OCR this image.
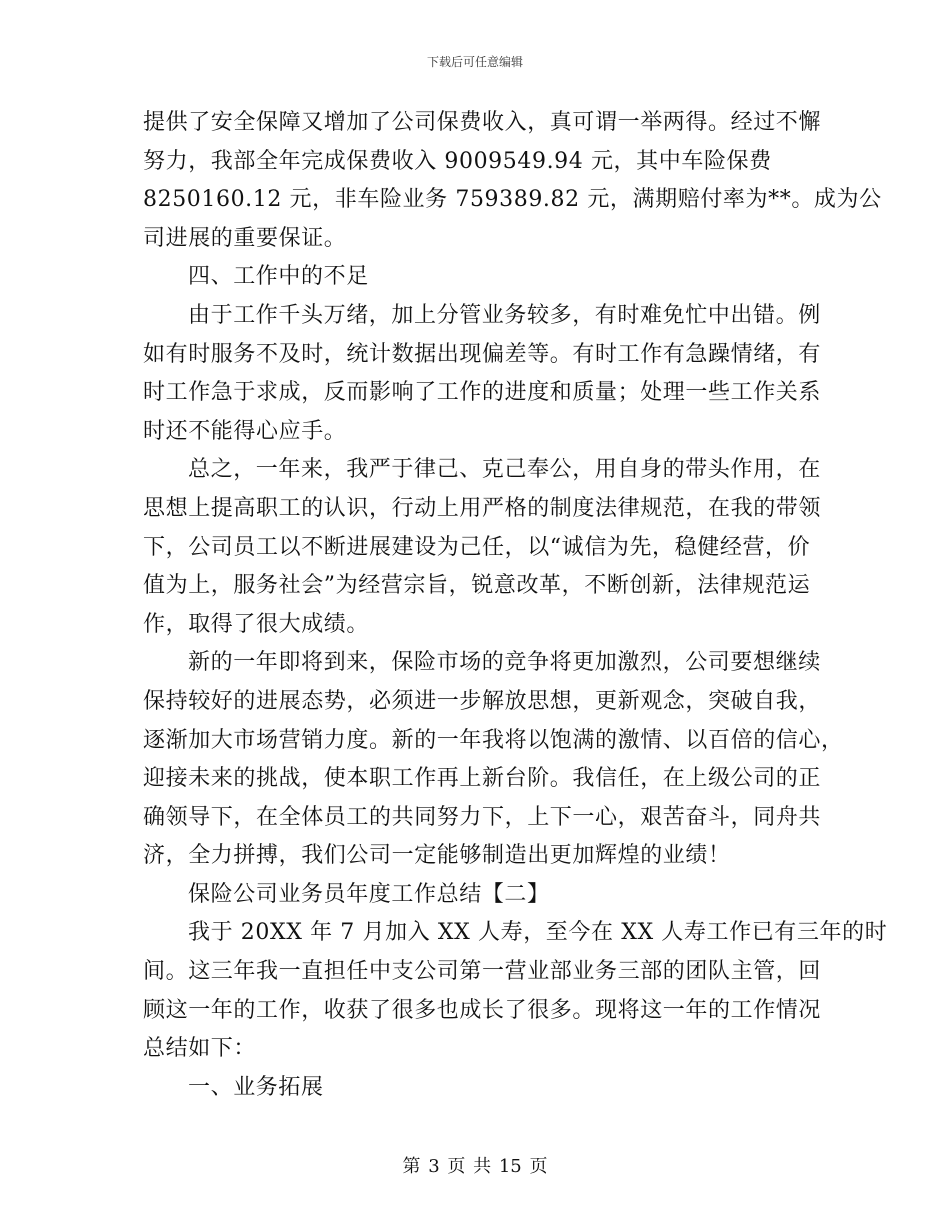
下载后可任意编辑
提供了安全保障又增加了公司保费收入，真可谓一举两得。经过不懈
努力，我部全年完成保费收入 9009549.94 元，其中车险保费
8250160.12 元，非车险业务 759389.82 元，满期赔付率为**。成为公
司进展的重要保证。
四、工作中的不足
由于工作千头万绪，加上分管业务较多，有时难免忙中出错。例
如有时服务不及时，统计数据出现偏差等。有时工作有急躁情绪，有
时工作急于求成，反而影响了工作的进度和质量；处理一些工作关系
时还不能得心应手。
总之，一年来，我严于律己、克己奉公，用自身的带头作用，在
思想上提高职工的认识，行动上用严格的制度法律规范，在我的带领
下，公司员工以不断进展建设为己任，以“诚信为先，稳健经营，价
值为上，服务社会”为经营宗旨，锐意改革，不断创新，法律规范运
作，取得了很大成绩。
新的一年即将到来，保险市场的竞争将更加激烈，公司要想继续
保持较好的进展态势，必须进一步解放思想，更新观念，突破自我，
逐渐加大市场营销力度。新的一年我将以饱满的激情、以百倍的信心，
迎接未来的挑战，使本职工作再上新台阶。我信任，在上级公司的正
确领导下，在全体员工的共同努力下，上下一心，艰苦奋斗，同舟共
济，全力拼搏，我们公司一定能够制造出更加辉煌的业绩！
保险公司业务员年度工作总结【二】
我于 20XX 年 7 月加入 XX 人寿，至今在 XX 人寿工作已有三年的时
间。这三年我一直担任中支公司第一营业部业务三部的团队主管，回
顾这一年的工作，收获了很多也成长了很多。现将这一年的工作情况
总结如下：
一、业务拓展
第 3 页 共 15 页
